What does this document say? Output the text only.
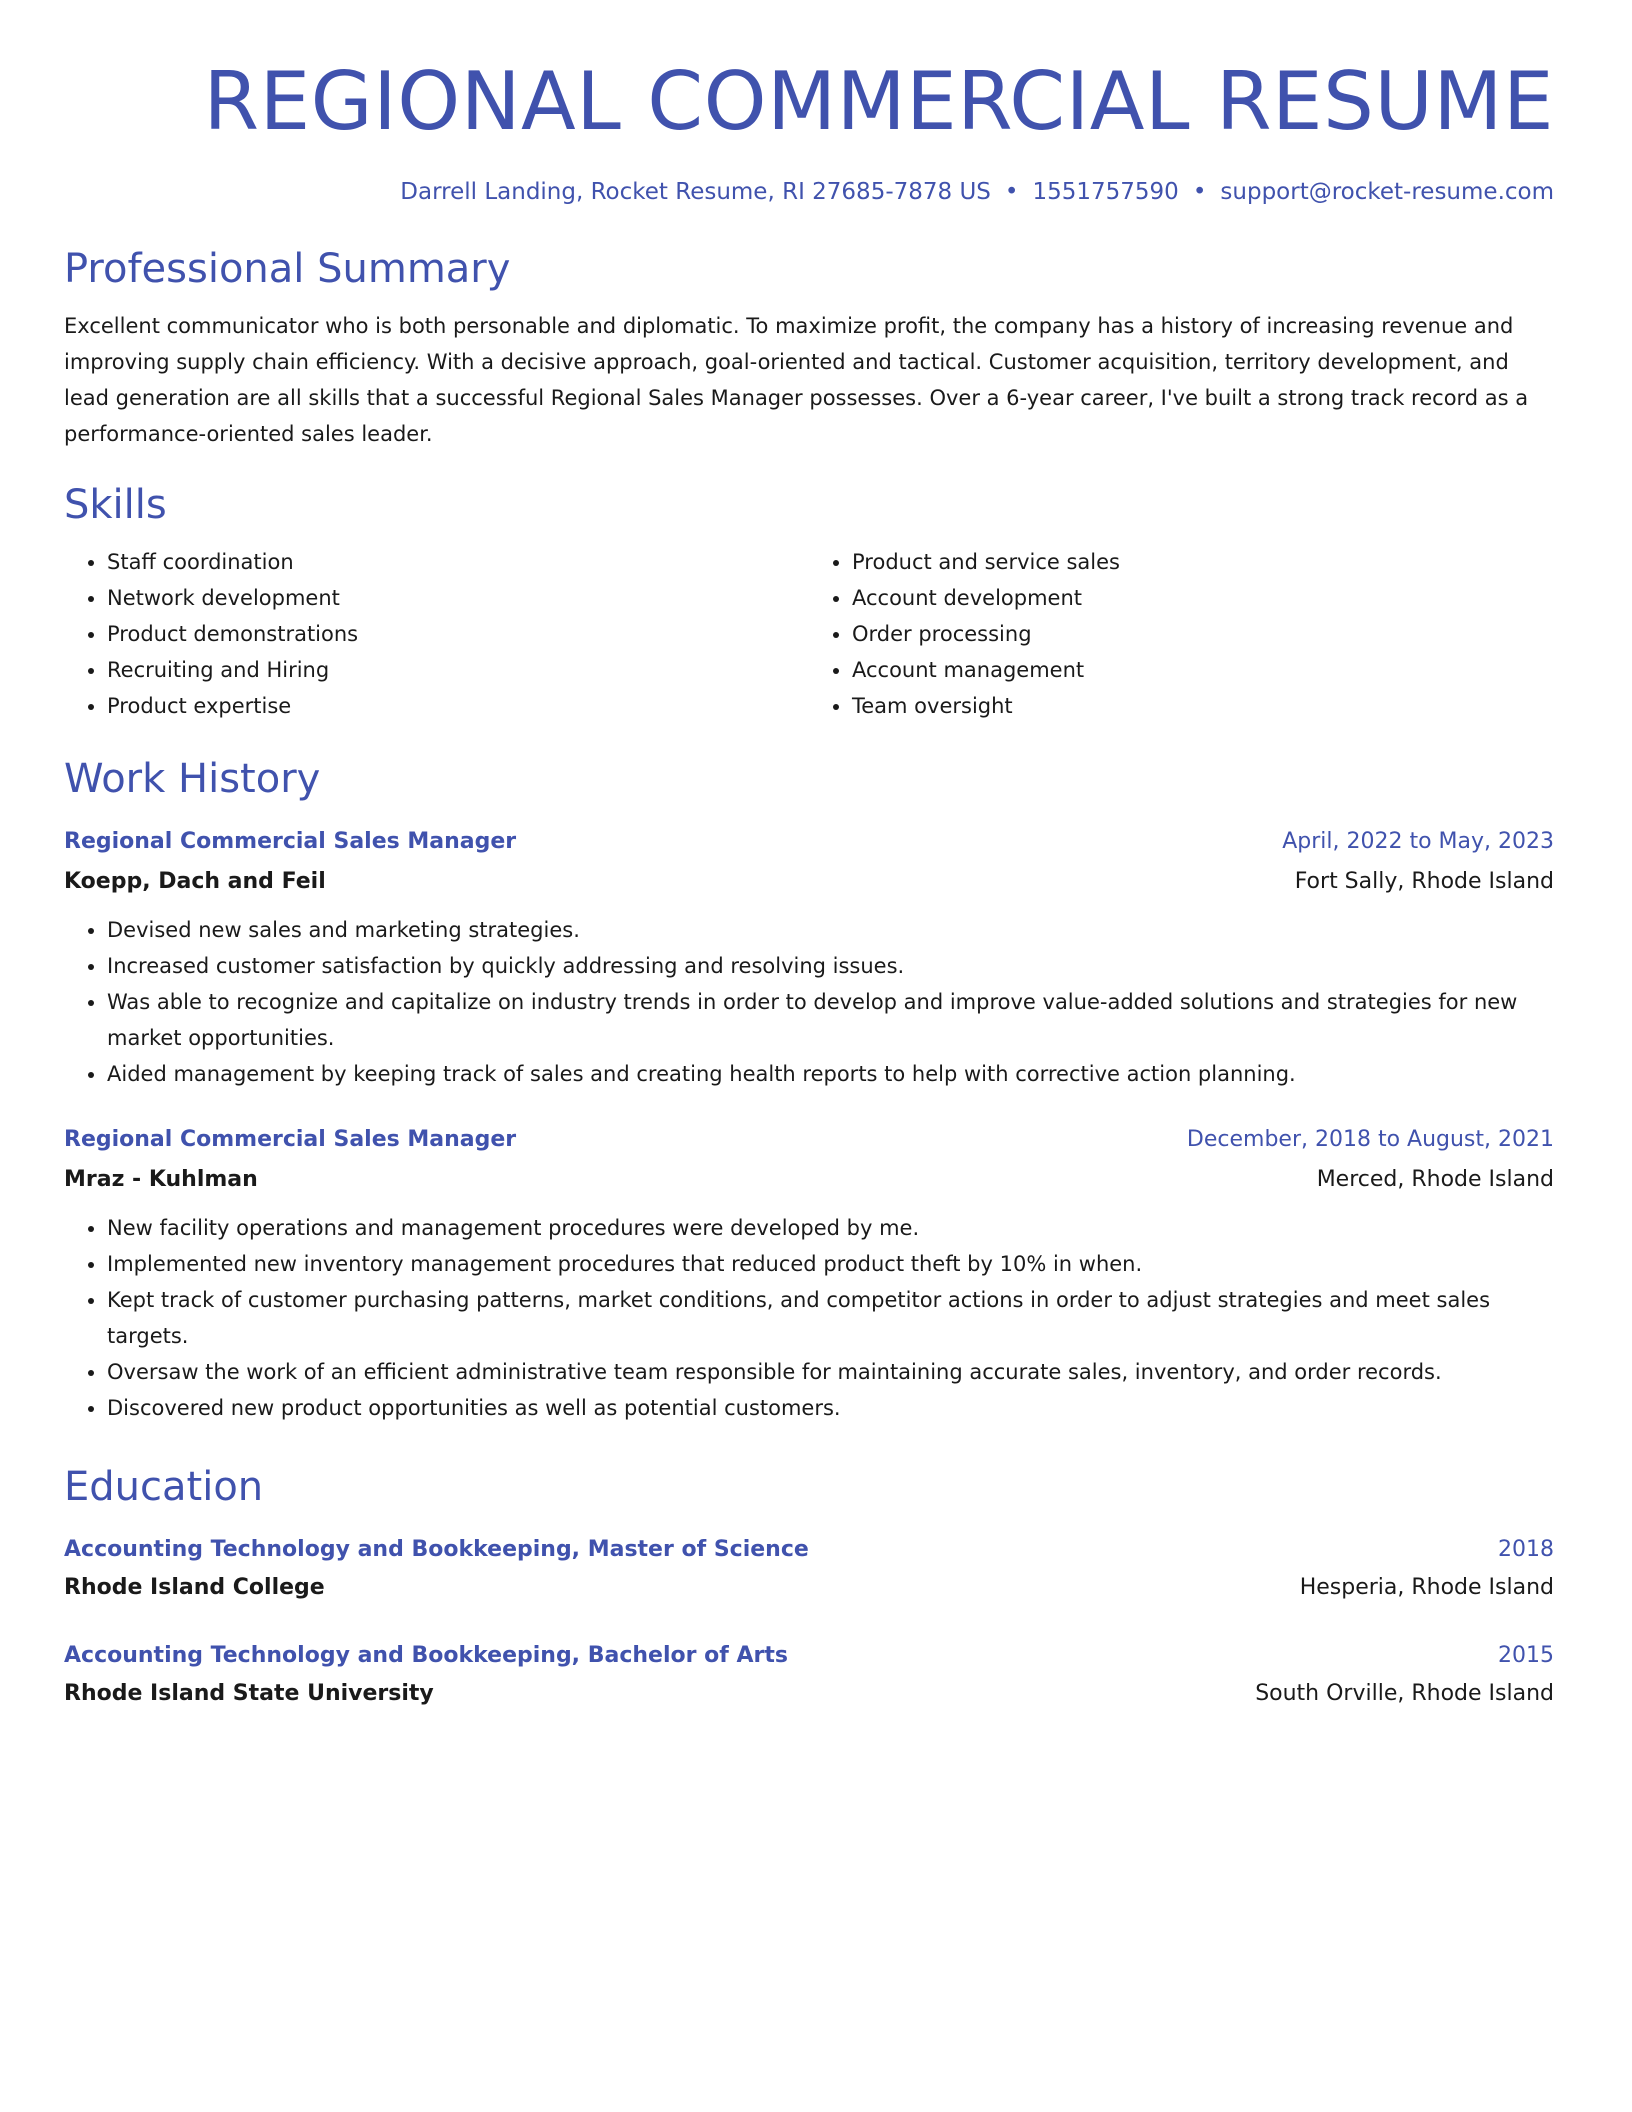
REGIONAL COMMERCIAL RESUME
Darrell Landing, Rocket Resume, RI 27685-7878 US • 1551757590 • support@rocket-resume.com
Professional Summary

Excellent communicator who is both personable and diplomatic. To maximize profit, the company has a history of increasing revenue and improving supply chain efficiency. With a decisive approach, goal-oriented and tactical. Customer acquisition, territory development, and lead generation are all skills that a successful Regional Sales Manager possesses. Over a 6-year career, I've built a strong track record as a performance-oriented sales leader.

Skills
• Staff coordination
• Network development
• Product demonstrations
• Recruiting and Hiring
• Product expertise
• Product and service sales
• Account development
• Order processing
• Account management
• Team oversight
Work History
Regional Commercial Sales Manager	April, 2022 to May, 2023
Koepp, Dach and Feil	Fort Sally, Rhode Island
• Devised new sales and marketing strategies.
• Increased customer satisfaction by quickly addressing and resolving issues.
• Was able to recognize and capitalize on industry trends in order to develop and improve value-added solutions and strategies for new market opportunities.
• Aided management by keeping track of sales and creating health reports to help with corrective action planning.
Regional Commercial Sales Manager	December, 2018 to August, 2021
Mraz - Kuhlman	Merced, Rhode Island
• New facility operations and management procedures were developed by me.
• Implemented new inventory management procedures that reduced product theft by 10% in when.
• Kept track of customer purchasing patterns, market conditions, and competitor actions in order to adjust strategies and meet sales targets.
• Oversaw the work of an efficient administrative team responsible for maintaining accurate sales, inventory, and order records.
• Discovered new product opportunities as well as potential customers.
Education
Accounting Technology and Bookkeeping, Master of Science	2018
Rhode Island College	Hesperia, Rhode Island
Accounting Technology and Bookkeeping, Bachelor of Arts	2015
Rhode Island State University	South Orville, Rhode Island
